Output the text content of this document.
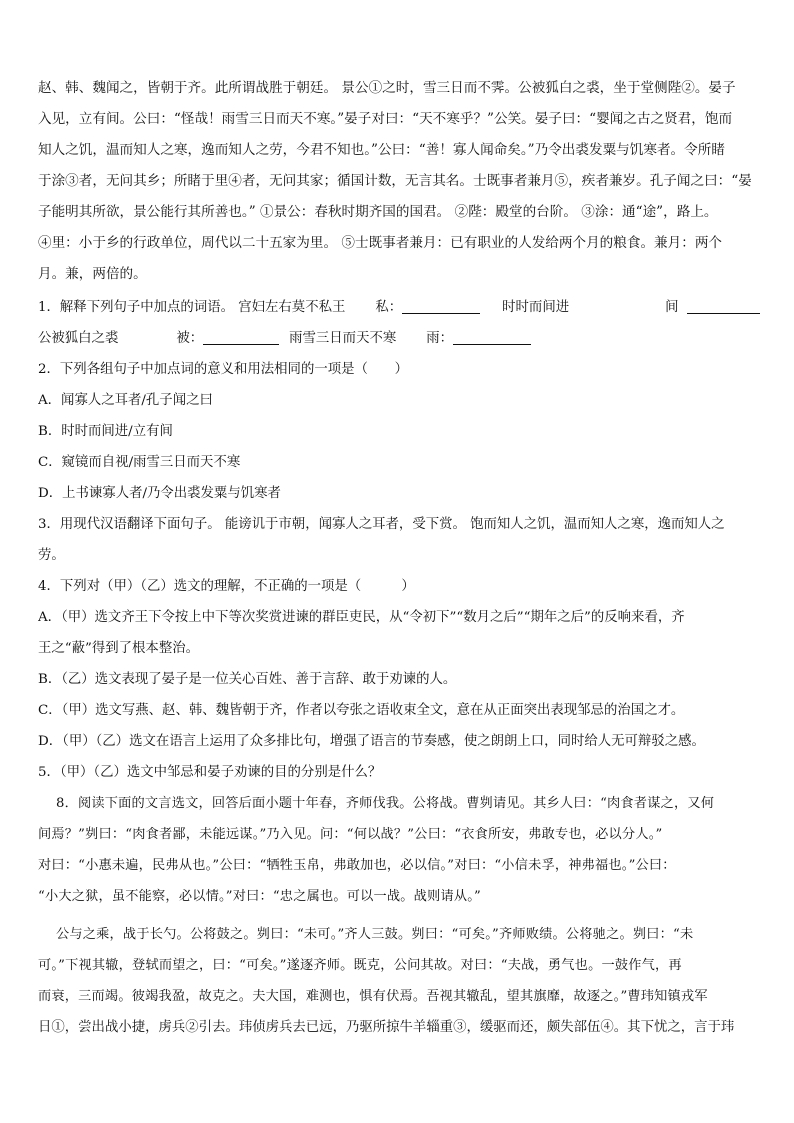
赵、韩、魏闻之，皆朝于齐。此所谓战胜于朝廷。 景公①之时，雪三日而不霁。公被狐白之裘，坐于堂侧陛②。晏子
入见，立有间。公曰：“怪哉！雨雪三日而天不寒。”晏子对曰：“天不寒乎？”公笑。晏子曰：“婴闻之古之贤君，饱而
知人之饥，温而知人之寒，逸而知人之劳，今君不知也。”公曰：“善！寡人闻命矣。”乃令出裘发粟与饥寒者。令所睹
于涂③者，无问其乡；所睹于里④者，无问其家；循国计数，无言其名。士既事者兼月⑤，疾者兼岁。孔子闻之曰：“晏
子能明其所欲，景公能行其所善也。” ①景公：春秋时期齐国的国君。 ②陛：殿堂的台阶。 ③涂：通“途”，路上。
④里：小于乡的行政单位，周代以二十五家为里。 ⑤士既事者兼月：已有职业的人发给两个月的粮食。兼月：两个
月。兼，两倍的。
1．解释下列句子中加点的词语。 宫妇左右莫不私王 私：	时时而间进	间
公被狐白之裘	被：	雨雪三日而天不寒 雨：
2．下列各组句子中加点词的意义和用法相同的一项是（　　）
A．闻寡人之耳者/孔子闻之曰
B．时时而间进/立有间
C．窥镜而自视/雨雪三日而天不寒
D．上书谏寡人者/乃令出裘发粟与饥寒者
3．用现代汉语翻译下面句子。 能谤讥于市朝，闻寡人之耳者，受下赏。 饱而知人之饥，温而知人之寒，逸而知人之
劳。
4．下列对（甲）（乙）选文的理解，不正确的一项是（　　　）
A．（甲）选文齐王下令按上中下等次奖赏进谏的群臣吏民，从“令初下”“数月之后”“期年之后”的反响来看，齐
王之“蔽”得到了根本整治。
B．（乙）选文表现了晏子是一位关心百姓、善于言辞、敢于劝谏的人。
C．（甲）选文写燕、赵、韩、魏皆朝于齐，作者以夸张之语收束全文，意在从正面突出表现邹忌的治国之才。
D．（甲）（乙）选文在语言上运用了众多排比句，增强了语言的节奏感，使之朗朗上口，同时给人无可辩驳之感。
5．（甲）（乙）选文中邹忌和晏子劝谏的目的分别是什么？
8．阅读下面的文言选文，回答后面小题十年春，齐师伐我。公将战。曹刿请见。其乡人曰：“肉食者谋之，又何
间焉？”刿曰：“肉食者鄙，未能远谋。”乃入见。问：“何以战？”公曰：“衣食所安，弗敢专也，必以分人。”
对曰：“小惠未遍，民弗从也。”公曰：“牺牲玉帛，弗敢加也，必以信。”对曰：“小信未孚，神弗福也。”公曰：
“小大之狱，虽不能察，必以情。”对曰：“忠之属也。可以一战。战则请从。”
公与之乘，战于长勺。公将鼓之。刿曰：“未可。”齐人三鼓。刿曰：“可矣。”齐师败绩。公将驰之。刿曰：“未
可。”下视其辙，登轼而望之，曰：“可矣。”遂逐齐师。既克，公问其故。对曰：“夫战，勇气也。一鼓作气，再
而衰，三而竭。彼竭我盈，故克之。夫大国，难测也，惧有伏焉。吾视其辙乱，望其旗靡，故逐之。”曹玮知镇戎军
日①，尝出战小捷，虏兵②引去。玮侦虏兵去已远，乃驱所掠牛羊辎重③，缓驱而还，颇失部伍④。其下忧之，言于玮
